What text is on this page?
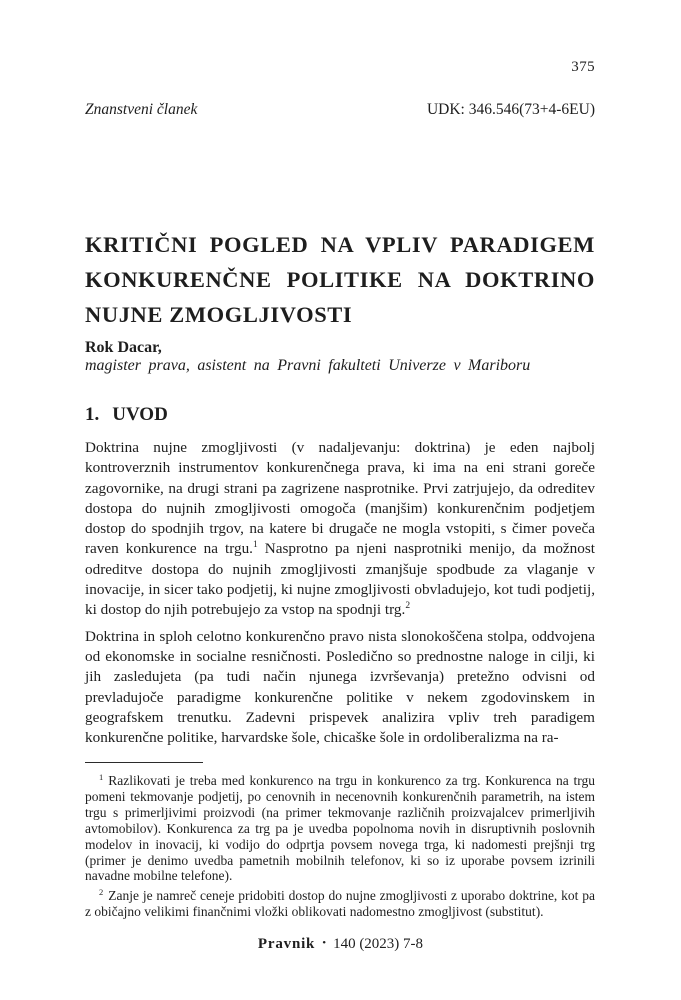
375
Znanstveni članek	UDK: 346.546(73+4-6EU)
KRITIČNI POGLED NA VPLIV PARADIGEM
KONKURENČNE POLITIKE NA DOKTRINO
NUJNE ZMOGLJIVOSTI
Rok Dacar,
magister prava, asistent na Pravni fakulteti Univerze v Mariboru
1. UVOD

Doktrina nujne zmogljivosti (v nadaljevanju: doktrina) je eden najbolj kontroverznih instrumentov konkurenčnega prava, ki ima na eni strani goreče zagovornike, na drugi strani pa zagrizene nasprotnike. Prvi zatrjujejo, da odreditev dostopa do nujnih zmogljivosti omogoča (manjšim) konkurenčnim podjetjem dostop do spodnjih trgov, na katere bi drugače ne mogla vstopiti, s čimer poveča raven konkurence na trgu.$^1$ Nasprotno pa njeni nasprotniki menijo, da možnost odreditve dostopa do nujnih zmogljivosti zmanjšuje spodbude za vlaganje v inovacije, in sicer tako podjetij, ki nujne zmogljivosti obvladujejo, kot tudi podjetij, ki dostop do njih potrebujejo za vstop na spodnji trg.$^2$

Doktrina in sploh celotno konkurenčno pravo nista slonokoščena stolpa, oddvojena od ekonomske in socialne resničnosti. Posledično so prednostne naloge in cilji, ki jih zasledujeta (pa tudi način njunega izvrševanja) pretežno odvisni od prevladujoče paradigme konkurenčne politike v nekem zgodovinskem in geografskem trenutku. Zadevni prispevek analizira vpliv treh paradigem konkurenčne politike, harvardske šole, chicaške šole in ordoliberalizma na ra-

$^1$ Razlikovati je treba med konkurenco na trgu in konkurenco za trg. Konkurenca na trgu pomeni tekmovanje podjetij, po cenovnih in necenovnih konkurenčnih parametrih, na istem trgu s primerljivimi proizvodi (na primer tekmovanje različnih proizvajalcev primerljivih avtomobilov). Konkurenca za trg pa je uvedba popolnoma novih in disruptivnih poslovnih modelov in inovacij, ki vodijo do odprtja povsem novega trga, ki nadomesti prejšnji trg (primer je denimo uvedba pametnih mobilnih telefonov, ki so iz uporabe povsem izrinili navadne mobilne telefone).

$^2$ Zanje je namreč ceneje pridobiti dostop do nujne zmogljivosti z uporabo doktrine, kot pa z običajno velikimi finančnimi vložki oblikovati nadomestno zmogljivost (substitut).

Pravnik • 140 (2023) 7-8
